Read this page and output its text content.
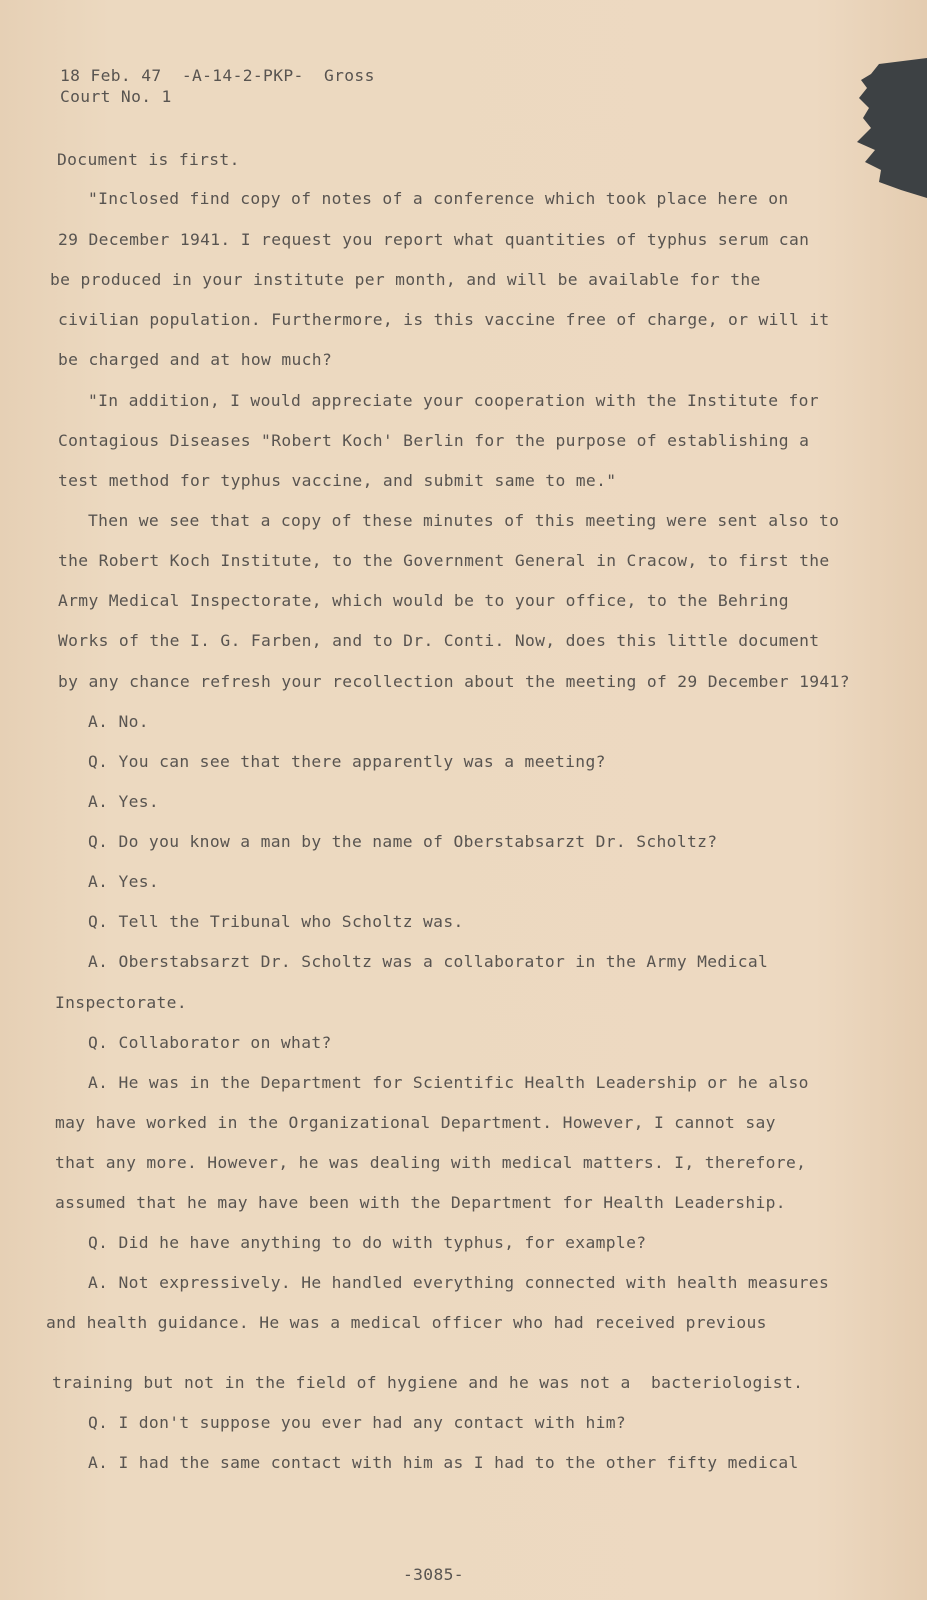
18 Feb. 47  -A-14-2-PKP-  Gross
Court No. 1
Document is first.
"Inclosed find copy of notes of a conference which took place here on
29 December 1941. I request you report what quantities of typhus serum can
be produced in your institute per month, and will be available for the
civilian population. Furthermore, is this vaccine free of charge, or will it
be charged and at how much?
"In addition, I would appreciate your cooperation with the Institute for
Contagious Diseases "Robert Koch' Berlin for the purpose of establishing a
test method for typhus vaccine, and submit same to me."
Then we see that a copy of these minutes of this meeting were sent also to
the Robert Koch Institute, to the Government General in Cracow, to first the
Army Medical Inspectorate, which would be to your office, to the Behring
Works of the I. G. Farben, and to Dr. Conti. Now, does this little document
by any chance refresh your recollection about the meeting of 29 December 1941?
A. No.
Q. You can see that there apparently was a meeting?
A. Yes.
Q. Do you know a man by the name of Oberstabsarzt Dr. Scholtz?
A. Yes.
Q. Tell the Tribunal who Scholtz was.
A. Oberstabsarzt Dr. Scholtz was a collaborator in the Army Medical
Inspectorate.
Q. Collaborator on what?
A. He was in the Department for Scientific Health Leadership or he also
may have worked in the Organizational Department. However, I cannot say
that any more. However, he was dealing with medical matters. I, therefore,
assumed that he may have been with the Department for Health Leadership.
Q. Did he have anything to do with typhus, for example?
A. Not expressively. He handled everything connected with health measures
and health guidance. He was a medical officer who had received previous
training but not in the field of hygiene and he was not a  bacteriologist.
Q. I don't suppose you ever had any contact with him?
A. I had the same contact with him as I had to the other fifty medical
-3085-
